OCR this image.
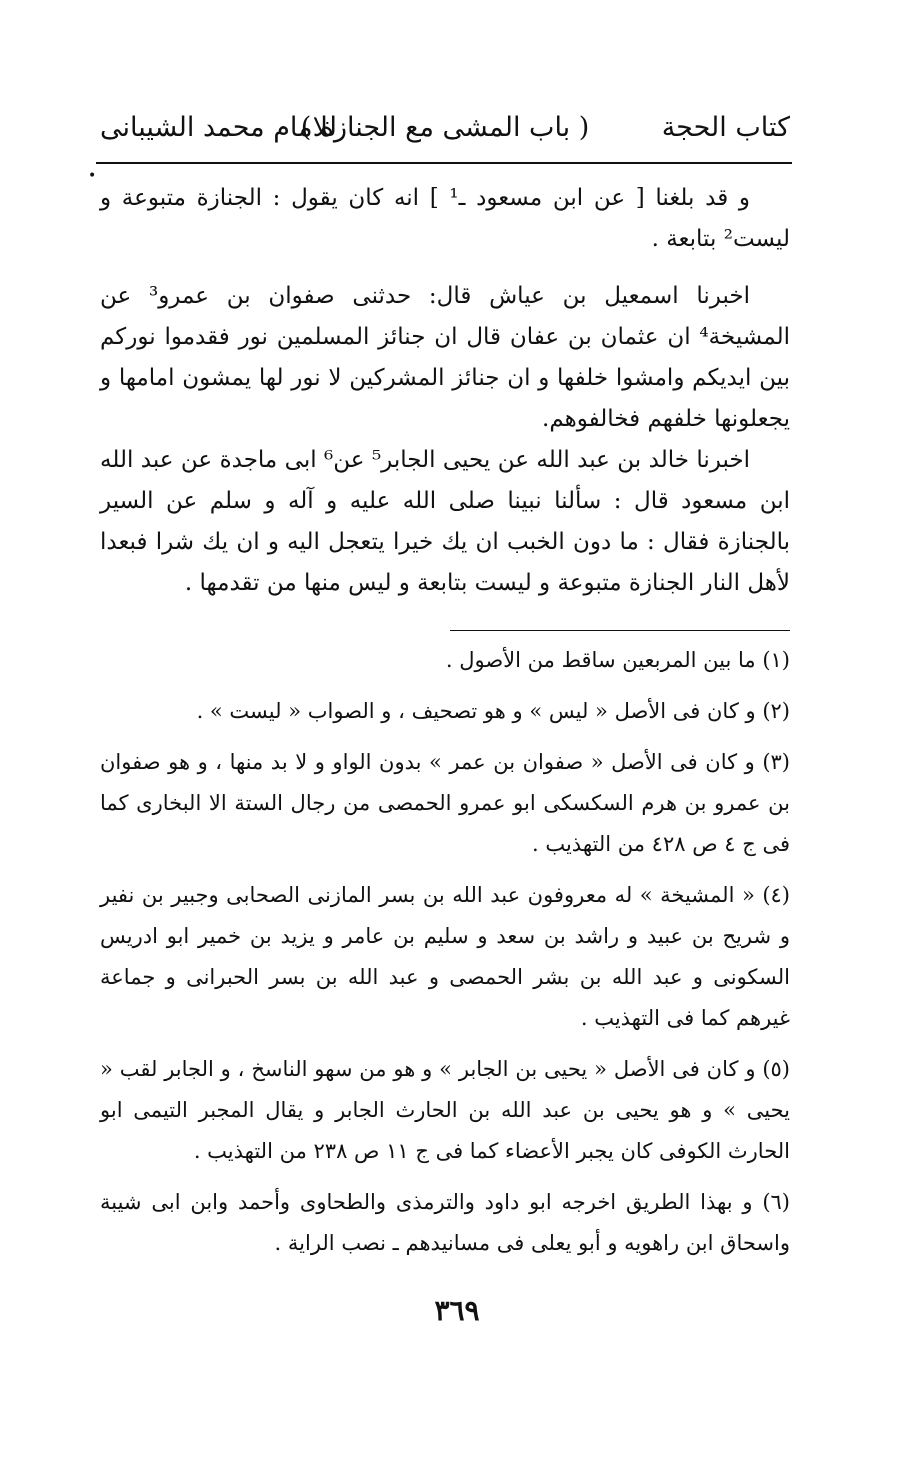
كتاب الحجة
( باب المشى مع الجنازة )
للامام محمد الشيبانى
•

و قد بلغنا [ عن ابن مسعود ـ¹ ] انه كان يقول : الجنازة متبوعة و ليست² بتابعة .

اخبرنا اسمعيل بن عياش قال: حدثنى صفوان بن عمرو³ عن المشيخة⁴ ان عثمان بن عفان قال ان جنائز المسلمين نور فقدموا نوركم بين ايديكم وامشوا خلفها و ان جنائز المشركين لا نور لها يمشون امامها و يجعلونها خلفهم فخالفوهم.

اخبرنا خالد بن عبد الله عن يحيى الجابر⁵ عن⁶ ابى ماجدة عن عبد الله ابن مسعود قال : سألنا نبينا صلى الله عليه و آله و سلم عن السير بالجنازة فقال : ما دون الخبب ان يك خيرا يتعجل اليه و ان يك شرا فبعدا لأهل النار الجنازة متبوعة و ليست بتابعة و ليس منها من تقدمها .

(١) ما بين المربعين ساقط من الأصول .

(٢) و كان فى الأصل « ليس » و هو تصحيف ، و الصواب « ليست » .

(٣) و كان فى الأصل « صفوان بن عمر » بدون الواو و لا بد منها ، و هو صفوان بن عمرو بن هرم السكسكى ابو عمرو الحمصى من رجال الستة الا البخارى كما فى ج ٤ ص ٤٢٨ من التهذيب .

(٤) « المشيخة » له معروفون عبد الله بن بسر المازنى الصحابى وجبير بن نفير و شريح بن عبيد و راشد بن سعد و سليم بن عامر و يزيد بن خمير ابو ادريس السكونى و عبد الله بن بشر الحمصى و عبد الله بن بسر الحبرانى و جماعة غيرهم كما فى التهذيب .

(٥) و كان فى الأصل « يحيى بن الجابر » و هو من سهو الناسخ ، و الجابر لقب « يحيى » و هو يحيى بن عبد الله بن الحارث الجابر و يقال المجبر التيمى ابو الحارث الكوفى كان يجبر الأعضاء كما فى ج ١١ ص ٢٣٨ من التهذيب .

(٦) و بهذا الطريق اخرجه ابو داود والترمذى والطحاوى وأحمد وابن ابى شيبة واسحاق ابن راهويه و أبو يعلى فى مسانيدهم ـ نصب الراية .

٣٦٩
